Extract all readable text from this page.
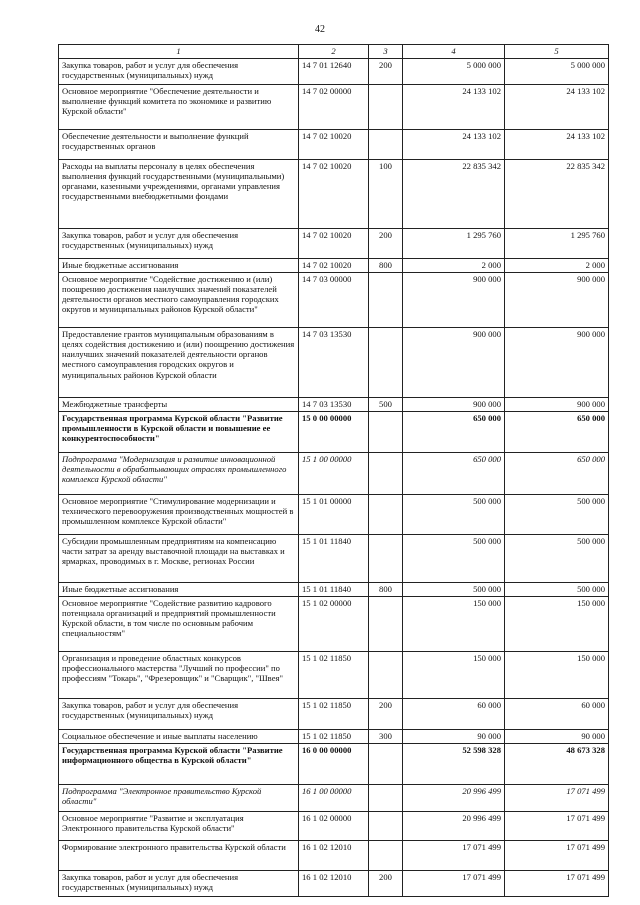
42
1	2	3	4	5
Закупка товаров, работ и услуг для обеспечения государственных (муниципальных) нужд	14 7 01 12640	200	5 000 000	5 000 000
Основное мероприятие "Обеспечение деятельности и выполнение функций комитета по экономике и развитию Курской области"	14 7 02 00000		24 133 102	24 133 102
Обеспечение деятельности и выполнение функций государственных органов	14 7 02 10020		24 133 102	24 133 102
Расходы на выплаты персоналу в целях обеспечения выполнения функций государственными (муниципальными) органами, казенными учреждениями, органами управления государственными внебюджетными фондами	14 7 02 10020	100	22 835 342	22 835 342
Закупка товаров, работ и услуг для обеспечения государственных (муниципальных) нужд	14 7 02 10020	200	1 295 760	1 295 760
Иные бюджетные ассигнования	14 7 02 10020	800	2 000	2 000
Основное мероприятие "Содействие достижению и (или) поощрению достижения наилучших значений показателей деятельности органов местного самоуправления городских округов и муниципальных районов Курской области"	14 7 03 00000		900 000	900 000
Предоставление грантов муниципальным образованиям в целях содействия достижению и (или) поощрению достижения наилучших значений показателей деятельности органов местного самоуправления городских округов и муниципальных районов Курской области	14 7 03 13530		900 000	900 000
Межбюджетные трансферты	14 7 03 13530	500	900 000	900 000
Государственная программа Курской области "Развитие промышленности в Курской области и повышение ее конкурентоспособности"	15 0 00 00000		650 000	650 000
Подпрограмма "Модернизация и развитие инновационной деятельности в обрабатывающих отраслях промышленного комплекса Курской области"	15 1 00 00000		650 000	650 000
Основное мероприятие "Стимулирование модернизации и технического перевооружения производственных мощностей в промышленном комплексе Курской области"	15 1 01 00000		500 000	500 000
Субсидии промышленным предприятиям на компенсацию части затрат за аренду выставочной площади на выставках и ярмарках, проводимых в г. Москве, регионах России	15 1 01 11840		500 000	500 000
Иные бюджетные ассигнования	15 1 01 11840	800	500 000	500 000
Основное мероприятие "Содействие развитию кадрового потенциала организаций и предприятий промышленности Курской области, в том числе по основным рабочим специальностям"	15 1 02 00000		150 000	150 000
Организация и проведение областных конкурсов профессионального мастерства "Лучший по профессии" по профессиям "Токарь", "Фрезеровщик" и "Сварщик", "Швея"	15 1 02 11850		150 000	150 000
Закупка товаров, работ и услуг для обеспечения государственных (муниципальных) нужд	15 1 02 11850	200	60 000	60 000
Социальное обеспечение и иные выплаты населению	15 1 02 11850	300	90 000	90 000
Государственная программа Курской области "Развитие информационного общества в Курской области"	16 0 00 00000		52 598 328	48 673 328
Подпрограмма "Электронное правительство Курской области"	16 1 00 00000		20 996 499	17 071 499
Основное мероприятие "Развитие и эксплуатация Электронного правительства Курской области"	16 1 02 00000		20 996 499	17 071 499
Формирование электронного правительства Курской области	16 1 02 12010		17 071 499	17 071 499
Закупка товаров, работ и услуг для обеспечения государственных (муниципальных) нужд	16 1 02 12010	200	17 071 499	17 071 499
